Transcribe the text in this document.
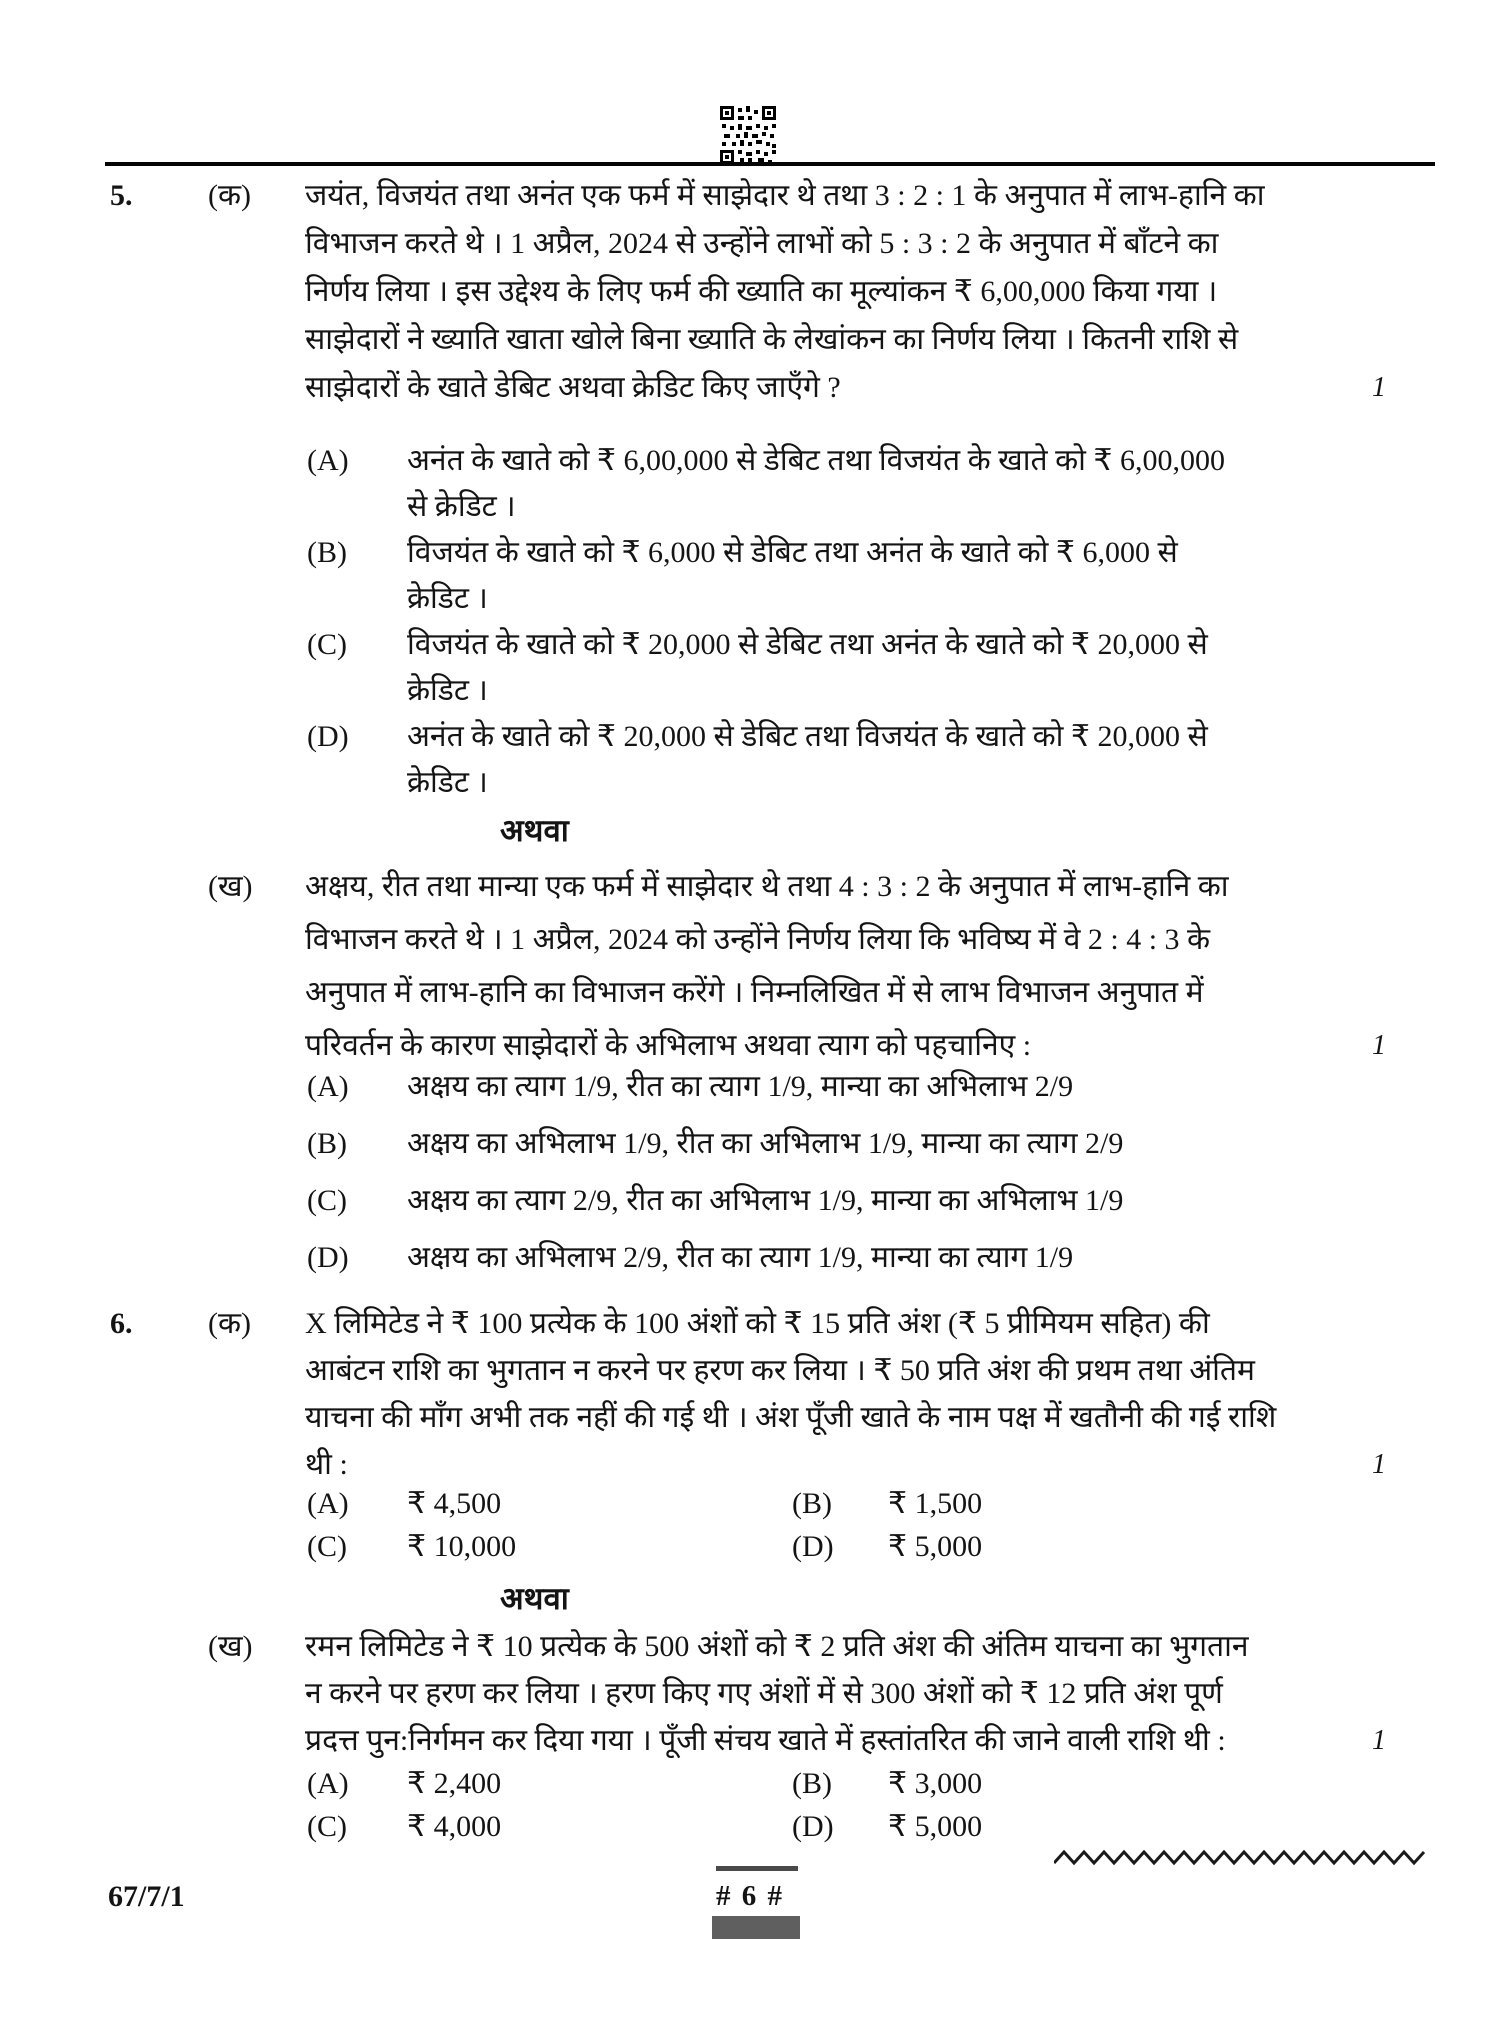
5.	(क)	जयंत, विजयंत तथा अनंत एक फर्म में साझेदार थे तथा 3 : 2 : 1 के अनुपात में लाभ-हानि का
विभाजन करते थे । 1 अप्रैल, 2024 से उन्होंने लाभों को 5 : 3 : 2 के अनुपात में बाँटने का
निर्णय लिया । इस उद्देश्य के लिए फर्म की ख्याति का मूल्यांकन ₹ 6,00,000 किया गया ।
साझेदारों ने ख्याति खाता खोले बिना ख्याति के लेखांकन का निर्णय लिया । कितनी राशि से
साझेदारों के खाते डेबिट अथवा क्रेडिट किए जाएँगे ?	1
(A)	अनंत के खाते को ₹ 6,00,000 से डेबिट तथा विजयंत के खाते को ₹ 6,00,000
से क्रेडिट ।
(B)	विजयंत के खाते को ₹ 6,000 से डेबिट तथा अनंत के खाते को ₹ 6,000 से
क्रेडिट ।
(C)	विजयंत के खाते को ₹ 20,000 से डेबिट तथा अनंत के खाते को ₹ 20,000 से
क्रेडिट ।
(D)	अनंत के खाते को ₹ 20,000 से डेबिट तथा विजयंत के खाते को ₹ 20,000 से
क्रेडिट ।
अथवा
(ख)	अक्षय, रीत तथा मान्या एक फर्म में साझेदार थे तथा 4 : 3 : 2 के अनुपात में लाभ-हानि का
विभाजन करते थे । 1 अप्रैल, 2024 को उन्होंने निर्णय लिया कि भविष्य में वे 2 : 4 : 3 के
अनुपात में लाभ-हानि का विभाजन करेंगे । निम्नलिखित में से लाभ विभाजन अनुपात में
परिवर्तन के कारण साझेदारों के अभिलाभ अथवा त्याग को पहचानिए :	1
(A)	अक्षय का त्याग 1/9, रीत का त्याग 1/9, मान्या का अभिलाभ 2/9
(B)	अक्षय का अभिलाभ 1/9, रीत का अभिलाभ 1/9, मान्या का त्याग 2/9
(C)	अक्षय का त्याग 2/9, रीत का अभिलाभ 1/9, मान्या का अभिलाभ 1/9
(D)	अक्षय का अभिलाभ 2/9, रीत का त्याग 1/9, मान्या का त्याग 1/9
6.	(क)	X लिमिटेड ने ₹ 100 प्रत्येक के 100 अंशों को ₹ 15 प्रति अंश (₹ 5 प्रीमियम सहित) की
आबंटन राशि का भुगतान न करने पर हरण कर लिया । ₹ 50 प्रति अंश की प्रथम तथा अंतिम
याचना की माँग अभी तक नहीं की गई थी । अंश पूँजी खाते के नाम पक्ष में खतौनी की गई राशि
थी :	1
(A)	₹ 4,500	(B) ₹ 1,500
(C)	₹ 10,000	(D) ₹ 5,000
अथवा
(ख)	रमन लिमिटेड ने ₹ 10 प्रत्येक के 500 अंशों को ₹ 2 प्रति अंश की अंतिम याचना का भुगतान
न करने पर हरण कर लिया । हरण किए गए अंशों में से 300 अंशों को ₹ 12 प्रति अंश पूर्ण
प्रदत्त पुन:निर्गमन कर दिया गया । पूँजी संचय खाते में हस्तांतरित की जाने वाली राशि थी :	1
(A)	₹ 2,400	(B) ₹ 3,000
(C)	₹ 4,000	(D) ₹ 5,000
67/7/1	# 6 #
